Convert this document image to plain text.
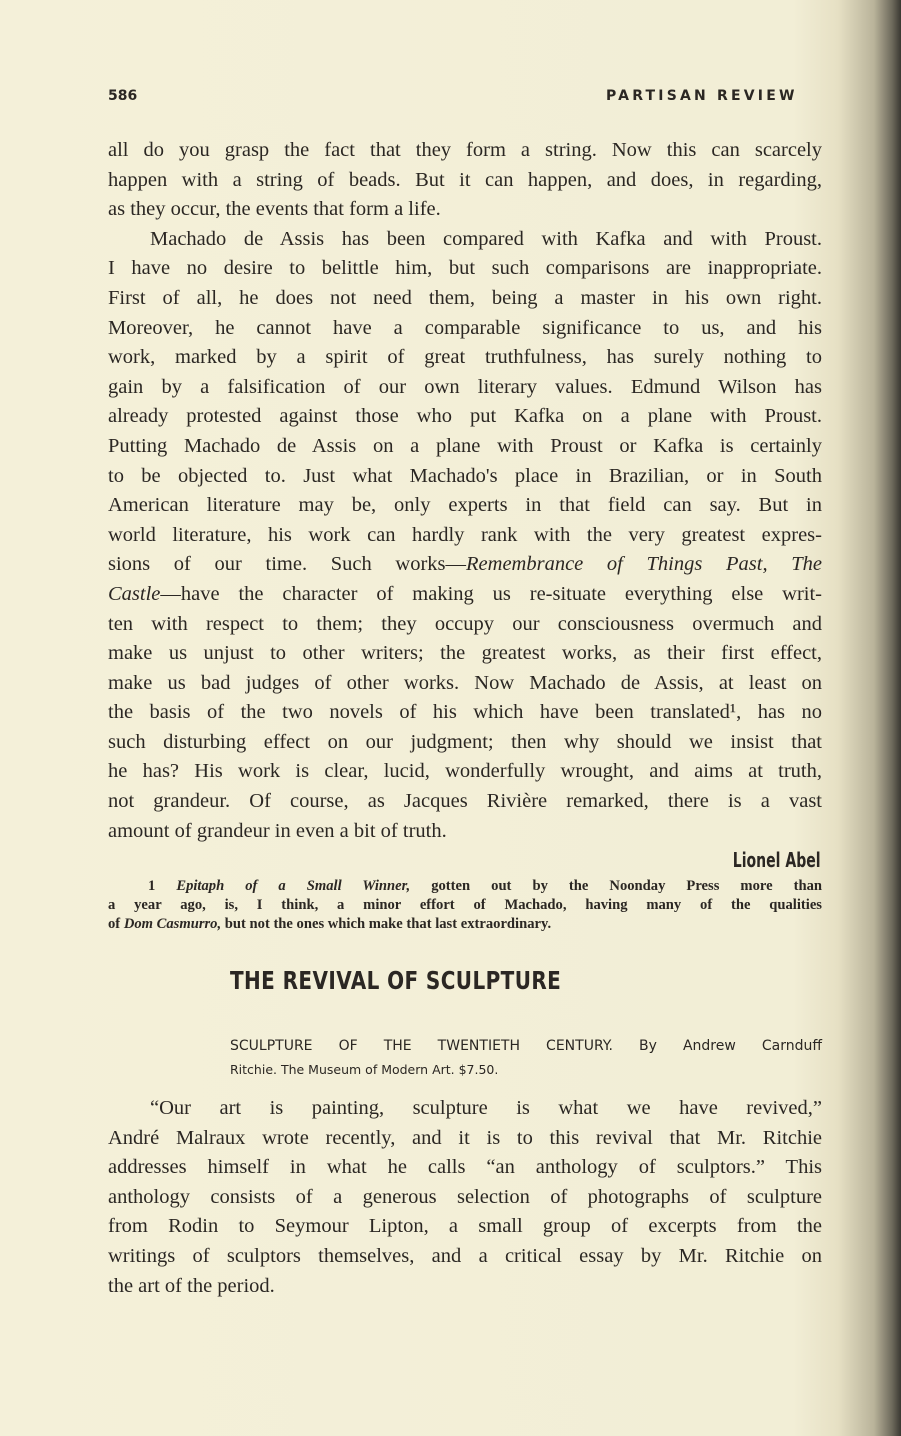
586	PARTISAN REVIEW
all do you grasp the fact that they form a string. Now this can scarcely
happen with a string of beads. But it can happen, and does, in regarding,
as they occur, the events that form a life.
Machado de Assis has been compared with Kafka and with Proust.
I have no desire to belittle him, but such comparisons are inappropriate.
First of all, he does not need them, being a master in his own right.
Moreover, he cannot have a comparable significance to us, and his
work, marked by a spirit of great truthfulness, has surely nothing to
gain by a falsification of our own literary values. Edmund Wilson has
already protested against those who put Kafka on a plane with Proust.
Putting Machado de Assis on a plane with Proust or Kafka is certainly
to be objected to. Just what Machado's place in Brazilian, or in South
American literature may be, only experts in that field can say. But in
world literature, his work can hardly rank with the very greatest expres-
sions of our time. Such works—Remembrance of Things Past, The
Castle—have the character of making us re-situate everything else writ-
ten with respect to them; they occupy our consciousness overmuch and
make us unjust to other writers; the greatest works, as their first effect,
make us bad judges of other works. Now Machado de Assis, at least on
the basis of the two novels of his which have been translated¹, has no
such disturbing effect on our judgment; then why should we insist that
he has? His work is clear, lucid, wonderfully wrought, and aims at truth,
not grandeur. Of course, as Jacques Rivière remarked, there is a vast
amount of grandeur in even a bit of truth.
Lionel Abel
1 Epitaph of a Small Winner, gotten out by the Noonday Press more than
a year ago, is, I think, a minor effort of Machado, having many of the qualities
of Dom Casmurro, but not the ones which make that last extraordinary.
THE REVIVAL OF SCULPTURE
SCULPTURE OF THE TWENTIETH CENTURY. By Andrew Carnduff
Ritchie. The Museum of Modern Art. $7.50.
“Our art is painting, sculpture is what we have revived,”
André Malraux wrote recently, and it is to this revival that Mr. Ritchie
addresses himself in what he calls “an anthology of sculptors.” This
anthology consists of a generous selection of photographs of sculpture
from Rodin to Seymour Lipton, a small group of excerpts from the
writings of sculptors themselves, and a critical essay by Mr. Ritchie on
the art of the period.
